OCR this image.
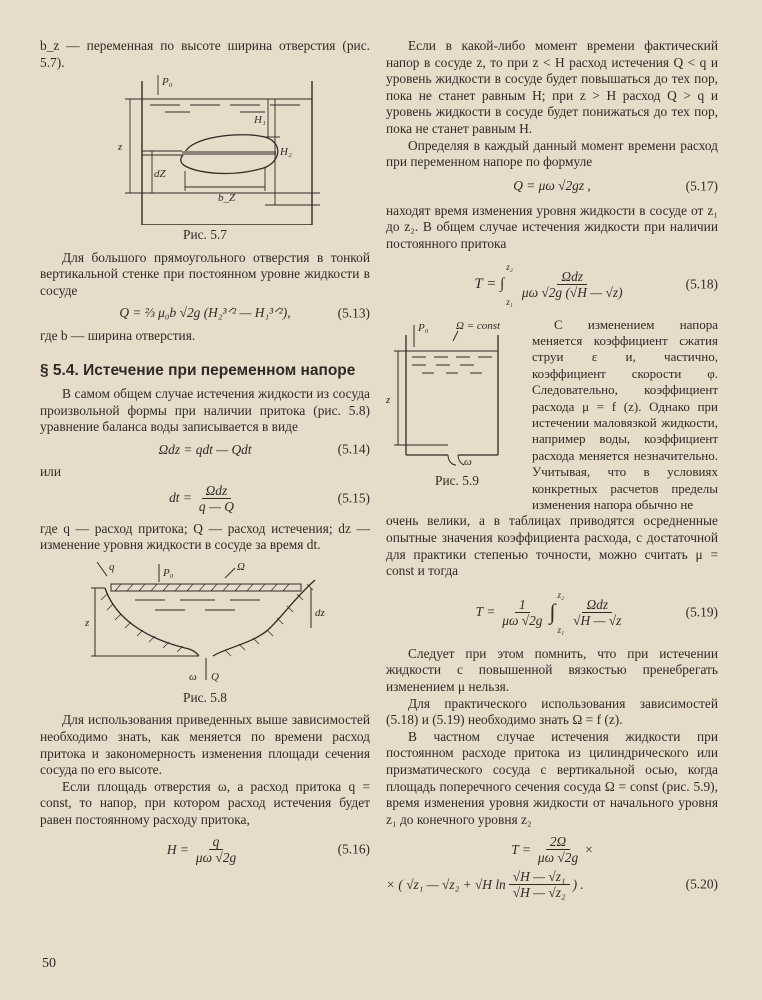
b_z — переменная по высоте ширина отверстия (рис. 5.7).

P₀
z
dZ
H₁
H₂
b_Z
Рис. 5.7

Для большого прямоугольного отверстия в тонкой вертикальной стенке при постоянном уровне жидкости в сосуде

Q = ⅔ μ₀b √2g (H₂³ᐟ² — H₁³ᐟ²),	(5.13)

где b — ширина отверстия.

§ 5.4. Истечение при переменном напоре

В самом общем случае истечения жидкости из сосуда произвольной формы при наличии притока (рис. 5.8) уравнение баланса воды записывается в виде

Ωdz = qdt — Qdt	(5.14)

или

dt = $\frac{\text{Ωdz}}{q — Q}$	(5.15)

где q — расход притока; Q — расход истечения; dz — изменение уровня жидкости в сосуде за время dt.

q	P₀	Ω
z
dz
ω Q
Рис. 5.8

Для использования приведенных выше зависимостей необходимо знать, как меняется по времени расход притока и закономерность изменения площади сечения сосуда по его высоте.

Если площадь отверстия ω, а расход притока q = const, то напор, при котором расход истечения будет равен постоянному расходу притока,

$H = \frac{q}{\mu\omega √2g}$	(5.16)

Если в какой-либо момент времени фактический напор в сосуде z, то при z < H расход истечения Q < q и уровень жидкости в сосуде будет повышаться до тех пор, пока не станет равным H; при z > H расход Q > q и уровень жидкости в сосуде будет понижаться до тех пор, пока не станет равным H.

Определяя в каждый данный момент времени расход при переменном напоре по формуле

Q = μω √2gz ,	(5.17)

находят время изменения уровня жидкости в сосуде от z₁ до z₂. В общем случае истечения жидкости при наличии постоянного притока

T = ∫
z₂
z₁
$\frac{\text{Ωdz}}{\mu\omega √2g (√H — √z)}$	(5.18)
P₀ Ω = const
z
ω
Рис. 5.9

С изменением напора меняется коэффициент сжатия струи ε и, частично, коэффициент скорости φ. Следовательно, коэффициент расхода μ = f (z). Однако при истечении маловязкой жидкости, например воды, коэффициент расхода меняется незначительно. Учитывая, что в условиях конкретных расчетов пределы изменения напора обычно не

очень велики, а в таблицах приводятся осредненные опытные значения коэффициента расхода, с достаточной для практики степенью точности, можно считать μ = const и тогда

$T = \frac{1}{\mu\omega √2g}$ ∫
z₂
z₁
$\frac{\text{Ωdz}}{√H — √z}$	(5.19)

Следует при этом помнить, что при истечении жидкости с повышенной вязкостью пренебрегать изменением μ нельзя.

Для практического использования зависимостей (5.18) и (5.19) необходимо знать Ω = f (z).

В частном случае истечения жидкости при постоянном расходе притока из цилиндрического или призматического сосуда с вертикальной осью, когда площадь поперечного сечения сосуда Ω = const (рис. 5.9), время изменения уровня жидкости от начального уровня z₁ до конечного уровня z₂

$T = \frac{2\Omega}{\mu\omega √2g}$ ×
× ( √z₁ — √z₂ + √H $\ln \frac{\text{√H — √z₁}}{\text{√H — √z₂}}$ ) .	(5.20)
50
